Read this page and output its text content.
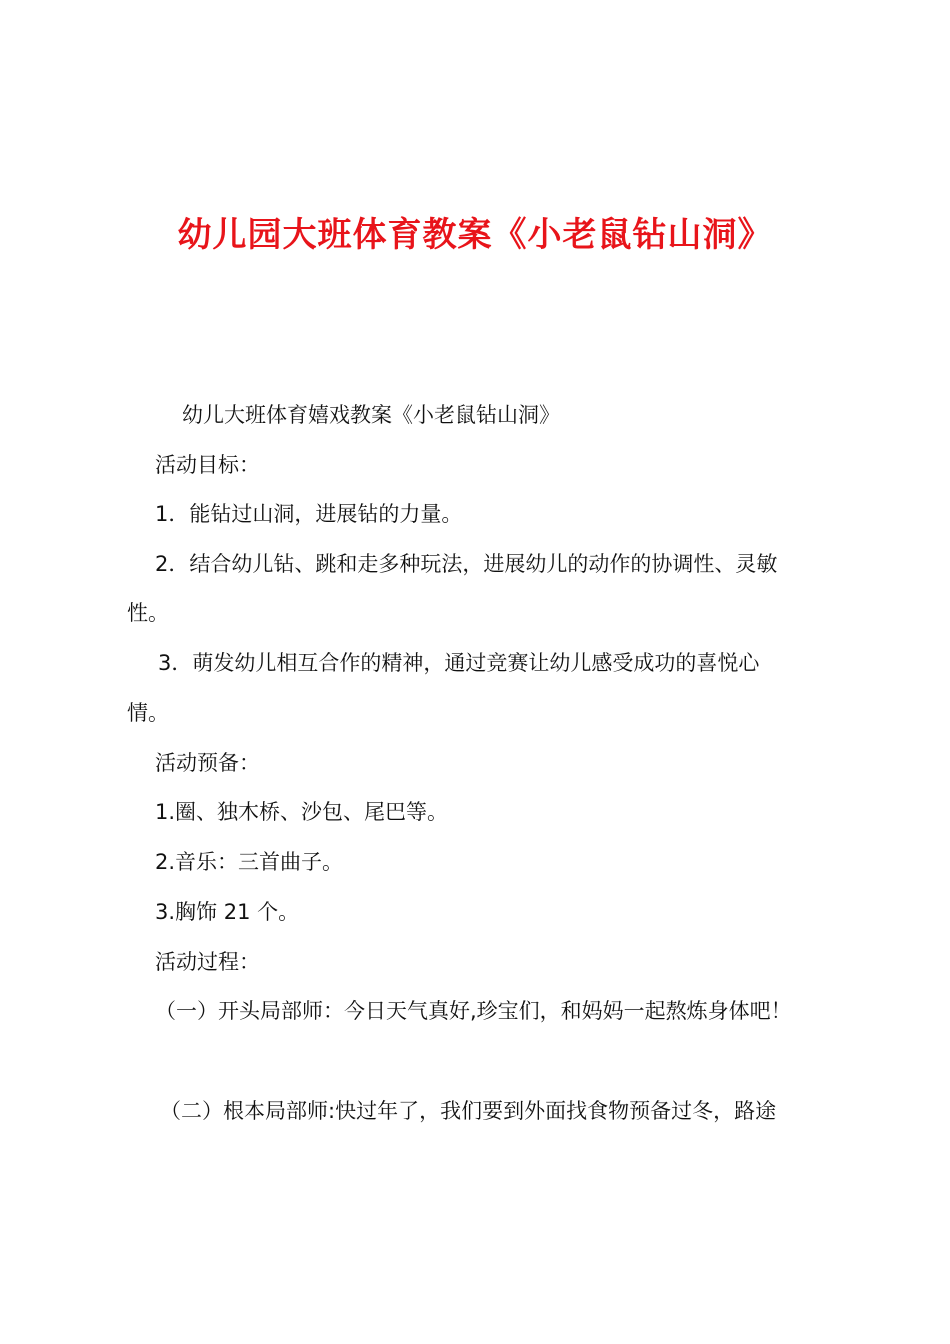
幼儿园大班体育教案《小老鼠钻山洞》
幼儿大班体育嬉戏教案《小老鼠钻山洞》
活动目标：
1．能钻过山洞，进展钻的力量。
2．结合幼儿钻、跳和走多种玩法，进展幼儿的动作的协调性、灵敏
性。
3．萌发幼儿相互合作的精神，通过竞赛让幼儿感受成功的喜悦心
情。
活动预备：
1.圈、独木桥、沙包、尾巴等。
2.音乐：三首曲子。
3.胸饰 21 个。
活动过程：
（一）开头局部师：今日天气真好,珍宝们，和妈妈一起熬炼身体吧！
（二）根本局部师:快过年了，我们要到外面找食物预备过冬，路途
